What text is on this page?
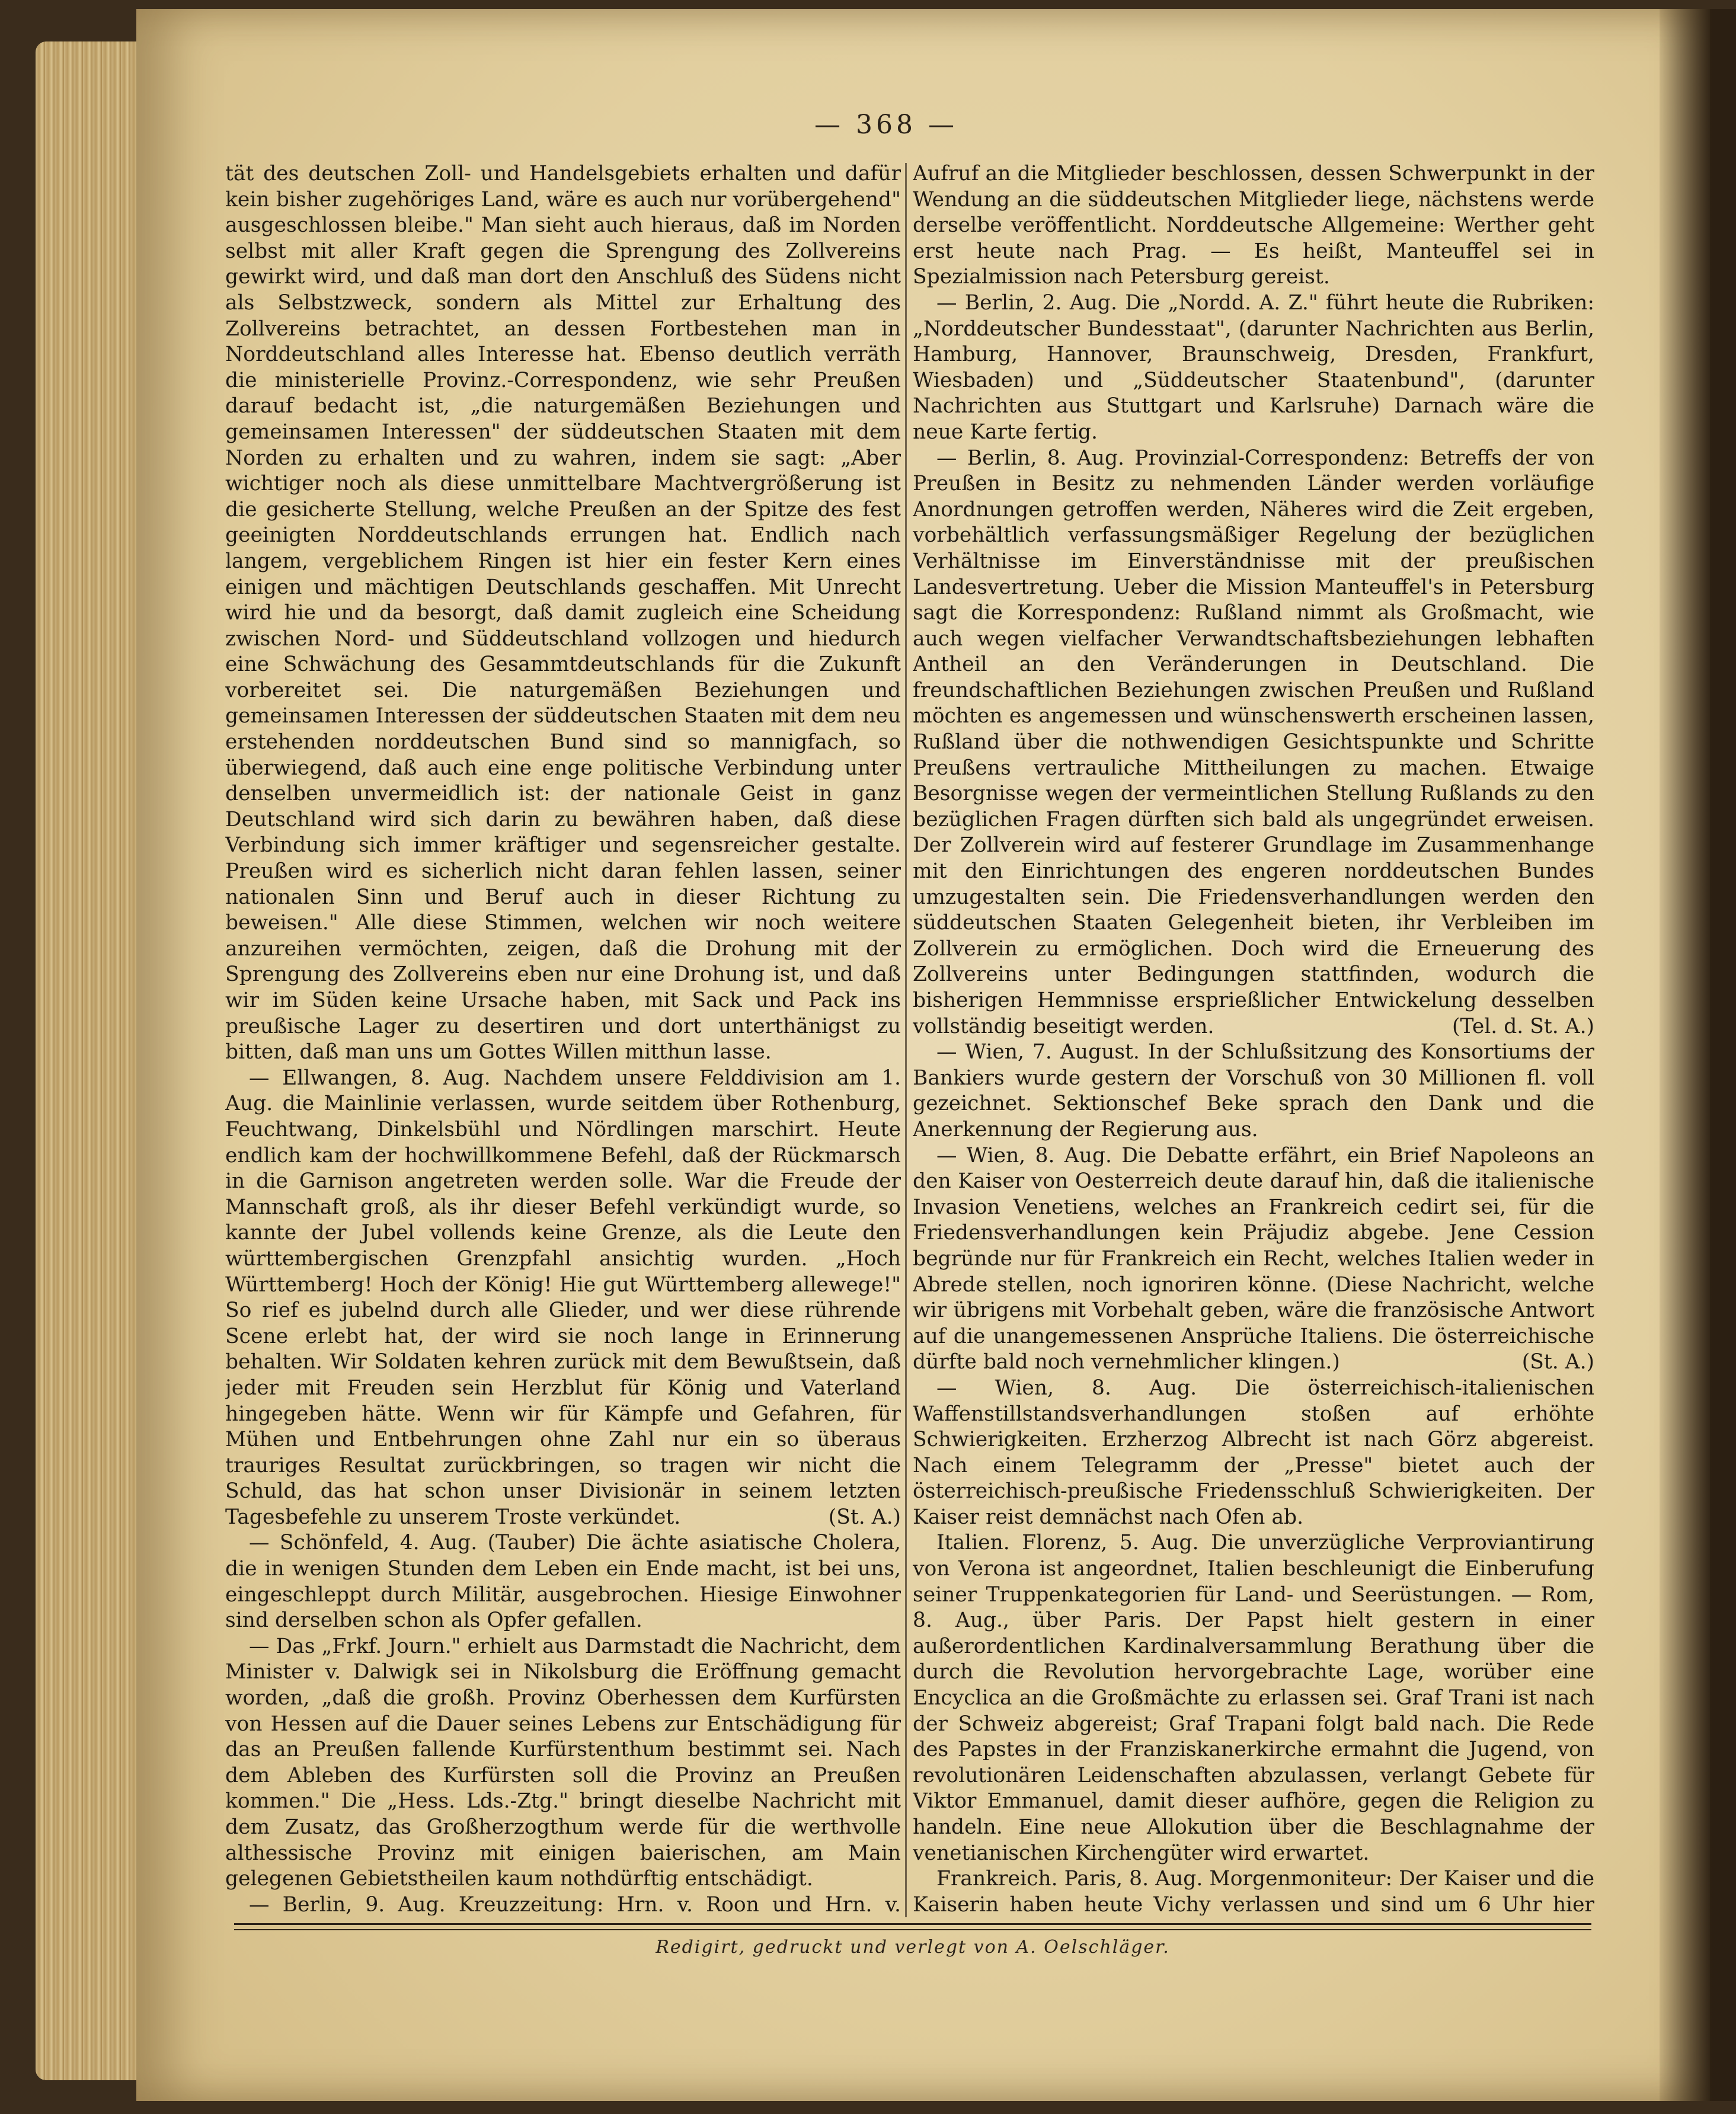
— 368 —

tät des deutschen Zoll- und Handelsgebiets erhalten und dafür kein bisher zugehöriges Land, wäre es auch nur vorübergehend" ausgeschlossen bleibe." Man sieht auch hieraus, daß im Norden selbst mit aller Kraft gegen die Sprengung des Zollvereins gewirkt wird, und daß man dort den Anschluß des Südens nicht als Selbstzweck, sondern als Mittel zur Erhaltung des Zollvereins betrachtet, an dessen Fortbestehen man in Norddeutschland alles Interesse hat. Ebenso deutlich verräth die ministerielle Provinz.-Correspondenz, wie sehr Preußen darauf bedacht ist, „die naturgemäßen Beziehungen und gemeinsamen Interessen" der süddeutschen Staaten mit dem Norden zu erhalten und zu wahren, indem sie sagt: „Aber wichtiger noch als diese unmittelbare Machtvergrößerung ist die gesicherte Stellung, welche Preußen an der Spitze des fest geeinigten Norddeutschlands errungen hat. Endlich nach langem, vergeblichem Ringen ist hier ein fester Kern eines einigen und mächtigen Deutschlands geschaffen. Mit Unrecht wird hie und da besorgt, daß damit zugleich eine Scheidung zwischen Nord- und Süddeutschland vollzogen und hiedurch eine Schwächung des Gesammtdeutschlands für die Zukunft vorbereitet sei. Die naturgemäßen Beziehungen und gemeinsamen Interessen der süddeutschen Staaten mit dem neu erstehenden norddeutschen Bund sind so mannigfach, so überwiegend, daß auch eine enge politische Verbindung unter denselben unvermeidlich ist: der nationale Geist in ganz Deutschland wird sich darin zu bewähren haben, daß diese Verbindung sich immer kräftiger und segensreicher gestalte. Preußen wird es sicherlich nicht daran fehlen lassen, seiner nationalen Sinn und Beruf auch in dieser Richtung zu beweisen." Alle diese Stimmen, welchen wir noch weitere anzureihen vermöchten, zeigen, daß die Drohung mit der Sprengung des Zollvereins eben nur eine Drohung ist, und daß wir im Süden keine Ursache haben, mit Sack und Pack ins preußische Lager zu desertiren und dort unterthänigst zu bitten, daß man uns um Gottes Willen mitthun lasse.

— Ellwangen, 8. Aug. Nachdem unsere Felddivision am 1. Aug. die Mainlinie verlassen, wurde seitdem über Rothenburg, Feuchtwang, Dinkelsbühl und Nördlingen marschirt. Heute endlich kam der hochwillkommene Befehl, daß der Rückmarsch in die Garnison angetreten werden solle. War die Freude der Mannschaft groß, als ihr dieser Befehl verkündigt wurde, so kannte der Jubel vollends keine Grenze, als die Leute den württembergischen Grenzpfahl ansichtig wurden. „Hoch Württemberg! Hoch der König! Hie gut Württemberg allewege!" So rief es jubelnd durch alle Glieder, und wer diese rührende Scene erlebt hat, der wird sie noch lange in Erinnerung behalten. Wir Soldaten kehren zurück mit dem Bewußtsein, daß jeder mit Freuden sein Herzblut für König und Vaterland hingegeben hätte. Wenn wir für Kämpfe und Gefahren, für Mühen und Entbehrungen ohne Zahl nur ein so überaus trauriges Resultat zurückbringen, so tragen wir nicht die Schuld, das hat schon unser Divisionär in seinem letzten Tagesbefehle zu unserem Troste verkündet.	(St. A.)

— Schönfeld, 4. Aug. (Tauber) Die ächte asiatische Cholera, die in wenigen Stunden dem Leben ein Ende macht, ist bei uns, eingeschleppt durch Militär, ausgebrochen. Hiesige Einwohner sind derselben schon als Opfer gefallen.

— Das „Frkf. Journ." erhielt aus Darmstadt die Nachricht, dem Minister v. Dalwigk sei in Nikolsburg die Eröffnung gemacht worden, „daß die großh. Provinz Oberhessen dem Kurfürsten von Hessen auf die Dauer seines Lebens zur Entschädigung für das an Preußen fallende Kurfürstenthum bestimmt sei. Nach dem Ableben des Kurfürsten soll die Provinz an Preußen kommen." Die „Hess. Lds.-Ztg." bringt dieselbe Nachricht mit dem Zusatz, das Großherzogthum werde für die werthvolle althessische Provinz mit einigen baierischen, am Main gelegenen Gebietstheilen kaum nothdürftig entschädigt.

— Berlin, 9. Aug. Kreuzzeitung: Hrn. v. Roon und Hrn. v.

Aufruf an die Mitglieder beschlossen, dessen Schwerpunkt in der Wendung an die süddeutschen Mitglieder liege, nächstens werde derselbe veröffentlicht. Norddeutsche Allgemeine: Werther geht erst heute nach Prag. — Es heißt, Manteuffel sei in Spezialmission nach Petersburg gereist.

— Berlin, 2. Aug. Die „Nordd. A. Z." führt heute die Rubriken: „Norddeutscher Bundesstaat", (darunter Nachrichten aus Berlin, Hamburg, Hannover, Braunschweig, Dresden, Frankfurt, Wiesbaden) und „Süddeutscher Staatenbund", (darunter Nachrichten aus Stuttgart und Karlsruhe) Darnach wäre die neue Karte fertig.

— Berlin, 8. Aug. Provinzial-Correspondenz: Betreffs der von Preußen in Besitz zu nehmenden Länder werden vorläufige Anordnungen getroffen werden, Näheres wird die Zeit ergeben, vorbehältlich verfassungsmäßiger Regelung der bezüglichen Verhältnisse im Einverständnisse mit der preußischen Landesvertretung. Ueber die Mission Manteuffel's in Petersburg sagt die Korrespondenz: Rußland nimmt als Großmacht, wie auch wegen vielfacher Verwandtschaftsbeziehungen lebhaften Antheil an den Veränderungen in Deutschland. Die freundschaftlichen Beziehungen zwischen Preußen und Rußland möchten es angemessen und wünschenswerth erscheinen lassen, Rußland über die nothwendigen Gesichtspunkte und Schritte Preußens vertrauliche Mittheilungen zu machen. Etwaige Besorgnisse wegen der vermeintlichen Stellung Rußlands zu den bezüglichen Fragen dürften sich bald als ungegründet erweisen. Der Zollverein wird auf festerer Grundlage im Zusammenhange mit den Einrichtungen des engeren norddeutschen Bundes umzugestalten sein. Die Friedensverhandlungen werden den süddeutschen Staaten Gelegenheit bieten, ihr Verbleiben im Zollverein zu ermöglichen. Doch wird die Erneuerung des Zollvereins unter Bedingungen stattfinden, wodurch die bisherigen Hemmnisse ersprießlicher Entwickelung desselben vollständig beseitigt werden.	(Tel. d. St. A.)

— Wien, 7. August. In der Schlußsitzung des Konsortiums der Bankiers wurde gestern der Vorschuß von 30 Millionen fl. voll gezeichnet. Sektionschef Beke sprach den Dank und die Anerkennung der Regierung aus.

— Wien, 8. Aug. Die Debatte erfährt, ein Brief Napoleons an den Kaiser von Oesterreich deute darauf hin, daß die italienische Invasion Venetiens, welches an Frankreich cedirt sei, für die Friedensverhandlungen kein Präjudiz abgebe. Jene Cession begründe nur für Frankreich ein Recht, welches Italien weder in Abrede stellen, noch ignoriren könne. (Diese Nachricht, welche wir übrigens mit Vorbehalt geben, wäre die französische Antwort auf die unangemessenen Ansprüche Italiens. Die österreichische dürfte bald noch vernehmlicher klingen.)	(St. A.)

— Wien, 8. Aug. Die österreichisch-italienischen Waffenstillstandsverhandlungen stoßen auf erhöhte Schwierigkeiten. Erzherzog Albrecht ist nach Görz abgereist. Nach einem Telegramm der „Presse" bietet auch der österreichisch-preußische Friedensschluß Schwierigkeiten. Der Kaiser reist demnächst nach Ofen ab.

Italien. Florenz, 5. Aug. Die unverzügliche Verproviantirung von Verona ist angeordnet, Italien beschleunigt die Einberufung seiner Truppenkategorien für Land- und Seerüstungen. — Rom, 8. Aug., über Paris. Der Papst hielt gestern in einer außerordentlichen Kardinalversammlung Berathung über die durch die Revolution hervorgebrachte Lage, worüber eine Encyclica an die Großmächte zu erlassen sei. Graf Trani ist nach der Schweiz abgereist; Graf Trapani folgt bald nach. Die Rede des Papstes in der Franziskanerkirche ermahnt die Jugend, von revolutionären Leidenschaften abzulassen, verlangt Gebete für Viktor Emmanuel, damit dieser aufhöre, gegen die Religion zu handeln. Eine neue Allokution über die Beschlagnahme der venetianischen Kirchengüter wird erwartet.

Frankreich. Paris, 8. Aug. Morgenmoniteur: Der Kaiser und die Kaiserin haben heute Vichy verlassen und sind um 6 Uhr hier

Redigirt, gedruckt und verlegt von A. Oelschläger.
